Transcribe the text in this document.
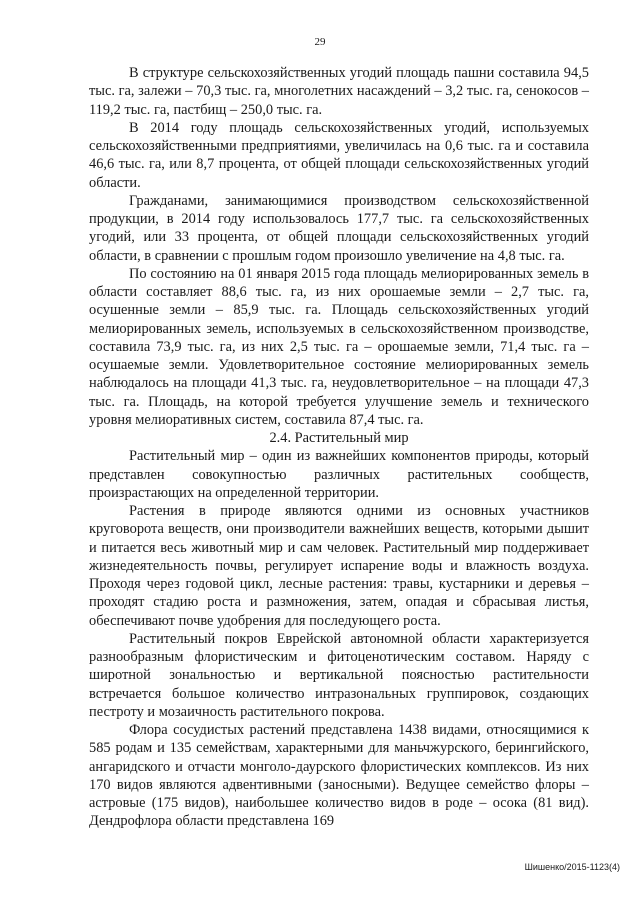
29

В структуре сельскохозяйственных угодий площадь пашни составила 94,5 тыс. га, залежи – 70,3 тыс. га, многолетних насаждений – 3,2 тыс. га, сенокосов – 119,2 тыс. га, пастбищ – 250,0 тыс. га.

В 2014 году площадь сельскохозяйственных угодий, используемых сельскохозяйственными предприятиями, увеличилась на 0,6 тыс. га и составила 46,6 тыс. га, или 8,7 процента, от общей площади сельскохозяйственных угодий области.

Гражданами, занимающимися производством сельскохозяйственной продукции, в 2014 году использовалось 177,7 тыс. га сельскохозяйственных угодий, или 33 процента, от общей площади сельскохозяйственных угодий области, в сравнении с прошлым годом произошло увеличение на 4,8 тыс. га.

По состоянию на 01 января 2015 года площадь мелиорированных земель в области составляет 88,6 тыс. га, из них орошаемые земли – 2,7 тыс. га, осушенные земли – 85,9 тыс. га. Площадь сельскохозяйственных угодий мелиорированных земель, используемых в сельскохозяйственном производстве, составила 73,9 тыс. га, из них 2,5 тыс. га – орошаемые земли, 71,4 тыс. га – осушаемые земли. Удовлетворительное состояние мелиорированных земель наблюдалось на площади 41,3 тыс. га, неудовлетворительное – на площади 47,3 тыс. га. Площадь, на которой требуется улучшение земель и технического уровня мелиоративных систем, составила 87,4 тыс. га.

2.4. Растительный мир

Растительный мир – один из важнейших компонентов природы, который представлен совокупностью различных растительных сообществ, произрастающих на определенной территории.

Растения в природе являются одними из основных участников круговорота веществ, они производители важнейших веществ, которыми дышит и питается весь животный мир и сам человек. Растительный мир поддерживает жизнедеятельность почвы, регулирует испарение воды и влажность воздуха. Проходя через годовой цикл, лесные растения: травы, кустарники и деревья – проходят стадию роста и размножения, затем, опадая и сбрасывая листья, обеспечивают почве удобрения для последующего роста.

Растительный покров Еврейской автономной области характеризуется разнообразным флористическим и фитоценотическим составом. Наряду с широтной зональностью и вертикальной поясностью растительности встречается большое количество интразональных группировок, создающих пестроту и мозаичность растительного покрова.

Флора сосудистых растений представлена 1438 видами, относящимися к 585 родам и 135 семействам, характерными для маньчжурского, берингийского, ангаридского и отчасти монголо-даурского флористических комплексов. Из них 170 видов являются адвентивными (заносными). Ведущее семейство флоры – астровые (175 видов), наибольшее количество видов в роде – осока (81 вид). Дендрофлора области представлена 169

Шишенко/2015-1123(4)
